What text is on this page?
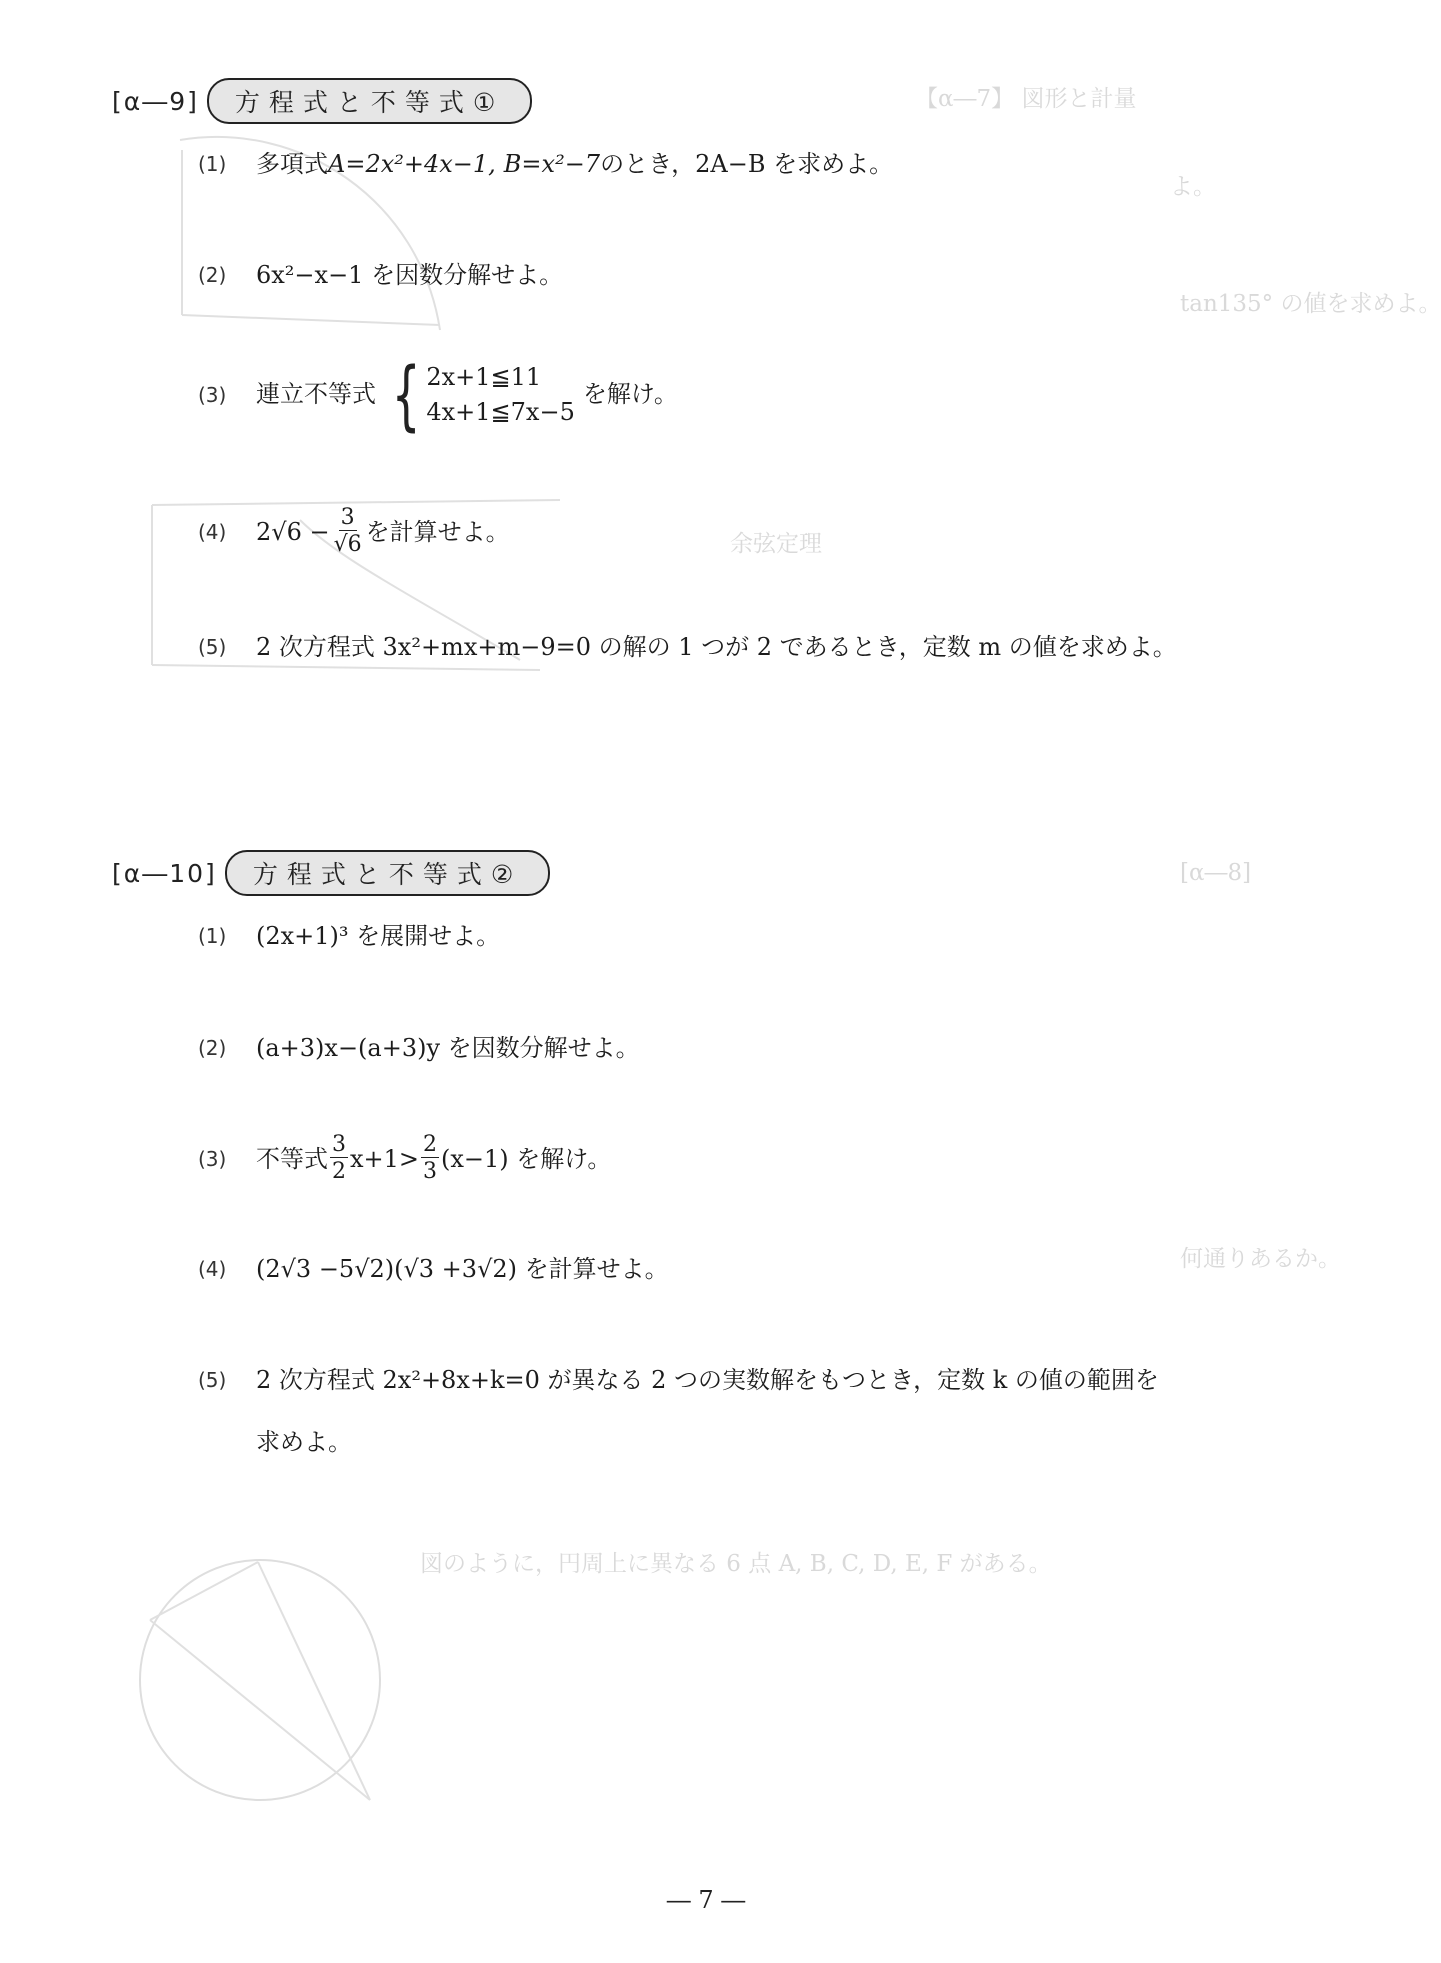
【α―7】 図形と計量
よ。
tan135° の値を求めよ。
余弦定理
[α―8]
何通りあるか。
図のように，円周上に異なる 6 点 A, B, C, D, E, F がある。
[α―9]	方程式と不等式①
(1)	多項式 A=2x²+4x−1, B=x²−7 のとき，2A−B を求めよ。
(2)	6x²−x−1 を因数分解せよ。
(3)	連立不等式 { 2x+1≦11
4x+1≦7x−5
を解け。
(4)	$2√6 - \frac{3}{√6}$ を計算せよ。
(5)	2 次方程式 3x²+mx+m−9=0 の解の 1 つが 2 であるとき，定数 m の値を求めよ。
[α―10]	方程式と不等式②
(1)	(2x+1)³ を展開せよ。
(2)	(a+3)x−(a+3)y を因数分解せよ。
(3)	不等式 $\frac{3}{2} x+1> \frac{2}{3} (x-1)$ を解け。
(4)	(2√3 −5√2)(√3 +3√2) を計算せよ。
(5)	2 次方程式 2x²+8x+k=0 が異なる 2 つの実数解をもつとき，定数 k の値の範囲を
求めよ。
― 7 ―
